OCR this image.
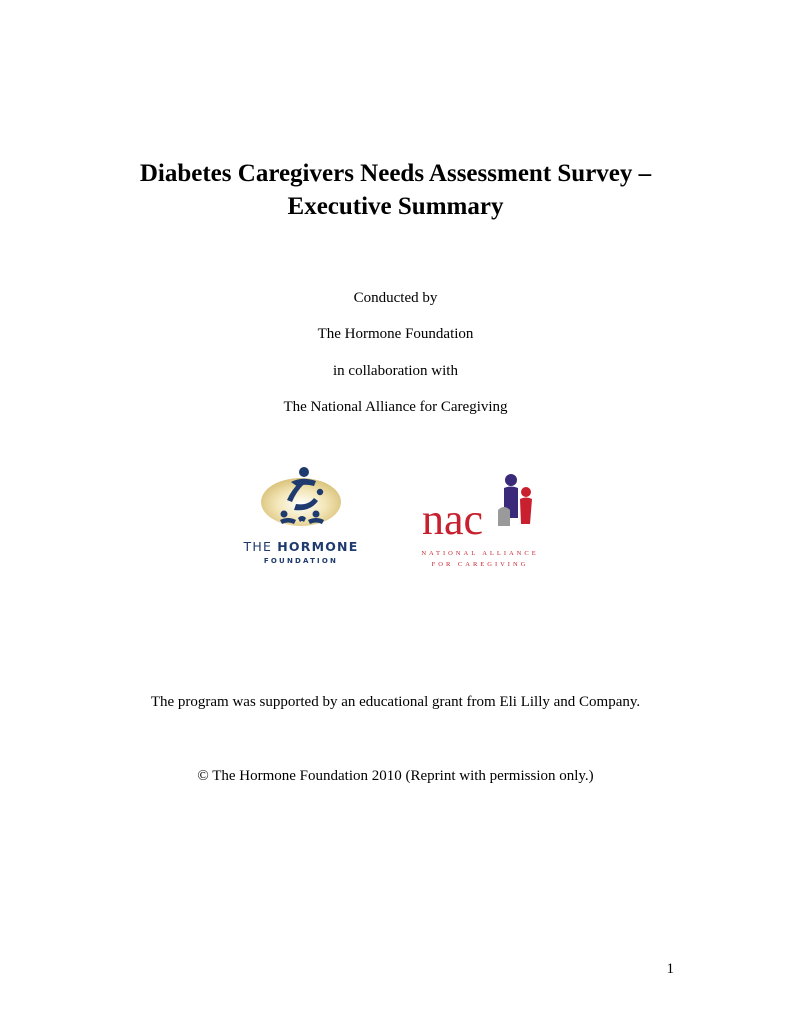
Diabetes Caregivers Needs Assessment Survey –
Executive Summary
Conducted by
The Hormone Foundation
in collaboration with
The National Alliance for Caregiving
THE HORMONE
FOUNDATION
nac
NATIONAL ALLIANCE
FOR CAREGIVING
The program was supported by an educational grant from Eli Lilly and Company.
© The Hormone Foundation 2010 (Reprint with permission only.)
1
